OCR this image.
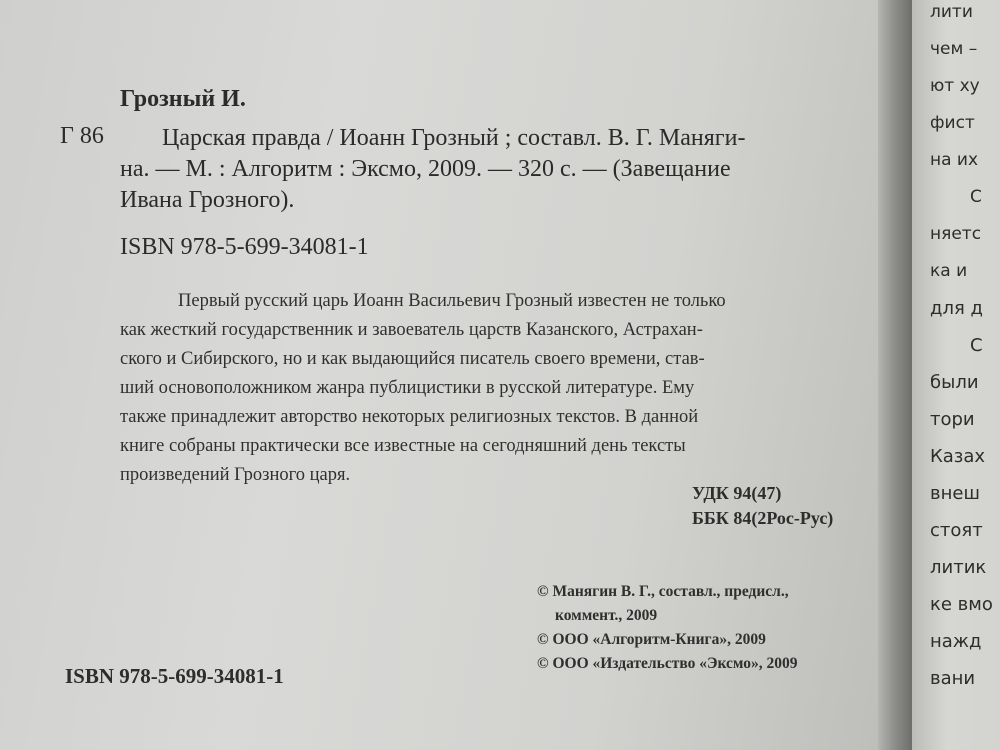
лити
чем –
ют ху
фист
на их
С
няетс
ка и
для д
С
были
тори
Казах
внеш
стоят
литик
ке вмо
нажд
вани
Грозный И.
Г 86	Царская правда / Иоанн Грозный ; составл. В. Г. Маняги-
на. — М. : Алгоритм : Эксмо, 2009. — 320 с. — (Завещание
Ивана Грозного).
ISBN 978-5-699-34081-1
Первый русский царь Иоанн Васильевич Грозный известен не только
как жесткий государственник и завоеватель царств Казанского, Астрахан-
ского и Сибирского, но и как выдающийся писатель своего времени, став-
ший основоположником жанра публицистики в русской литературе. Ему
также принадлежит авторство некоторых религиозных текстов. В данной
книге собраны практически все известные на сегодняшний день тексты
произведений Грозного царя.
УДК 94(47)
ББК 84(2Рос-Рус)
© Манягин В. Г., составл., предисл.,
коммент., 2009
© ООО «Алгоритм-Книга», 2009
© ООО «Издательство «Эксмо», 2009
ISBN 978-5-699-34081-1
